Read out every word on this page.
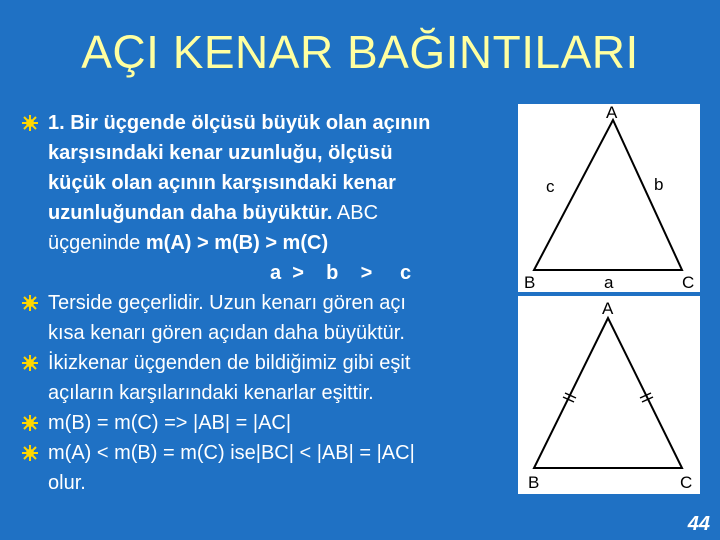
AÇI KENAR BAĞINTILARI
1. Bir üçgende ölçüsü büyük olan açının
karşısındaki kenar uzunluğu, ölçüsü
küçük olan açının karşısındaki kenar
uzunluğundan daha büyüktür. ABC
üçgeninde m(A) > m(B) > m(C)
a  >    b    >     c
Terside geçerlidir. Uzun kenarı gören açı
kısa kenarı gören açıdan daha büyüktür.
İkizkenar üçgenden de bildiğimiz gibi eşit
açıların karşılarındaki kenarlar eşittir.
m(B) = m(C) => |AB| = |AC|
m(A) < m(B) = m(C) ise|BC| < |AB| = |AC|
olur.
A
B	C
a
b
c
A
B	C
44
